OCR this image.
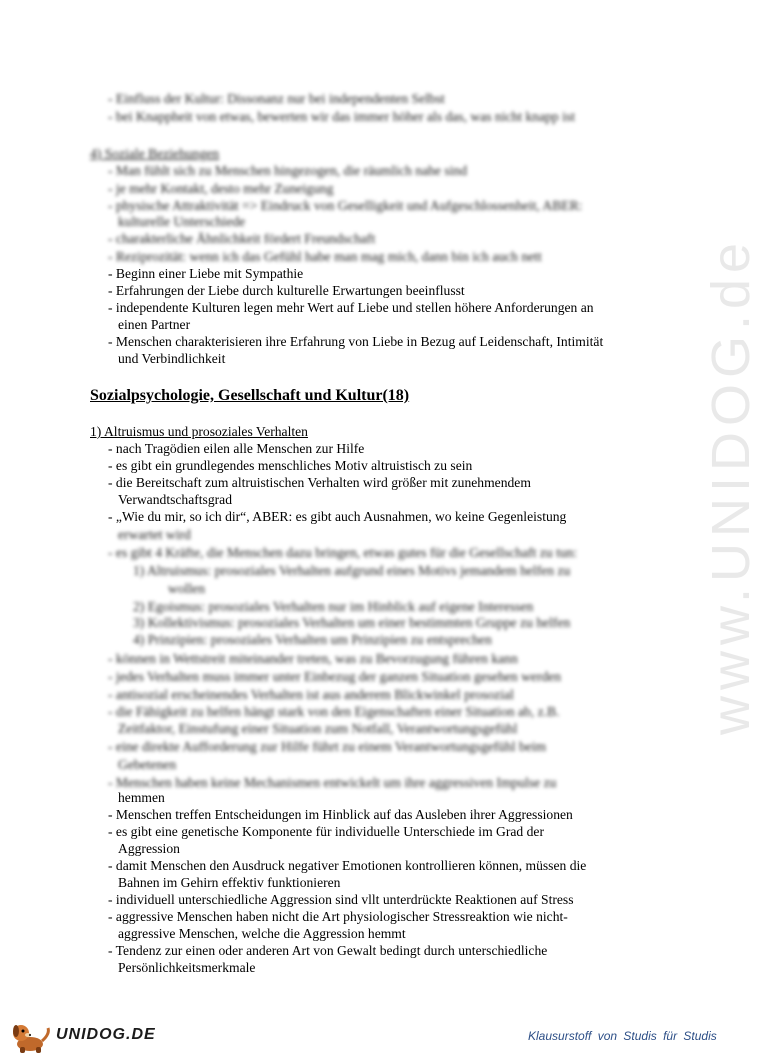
www.UNIDOG.de
- Einfluss der Kultur: Dissonanz nur bei independenten Selbst
- bei Knappheit von etwas, bewerten wir das immer höher als das, was nicht knapp ist
4) Soziale Beziehungen
- Man fühlt sich zu Menschen hingezogen, die räumlich nahe sind
- je mehr Kontakt, desto mehr Zuneigung
- physische Attraktivität => Eindruck von Geselligkeit und Aufgeschlossenheit, ABER:
kulturelle Unterschiede
- charakterliche Ähnlichkeit fördert Freundschaft
- Reziprozität: wenn ich das Gefühl habe man mag mich, dann bin ich auch nett
- Beginn einer Liebe mit Sympathie
- Erfahrungen der Liebe durch kulturelle Erwartungen beeinflusst
- independente Kulturen legen mehr Wert auf Liebe und stellen höhere Anforderungen an
einen Partner
- Menschen charakterisieren ihre Erfahrung von Liebe in Bezug auf Leidenschaft, Intimität
und Verbindlichkeit
Sozialpsychologie, Gesellschaft und Kultur(18)
1) Altruismus und prosoziales Verhalten
- nach Tragödien eilen alle Menschen zur Hilfe
- es gibt ein grundlegendes menschliches Motiv altruistisch zu sein
- die Bereitschaft zum altruistischen Verhalten wird größer mit zunehmendem
Verwandtschaftsgrad
- „Wie du mir, so ich dir“, ABER: es gibt auch Ausnahmen, wo keine Gegenleistung
erwartet wird
- es gibt 4 Kräfte, die Menschen dazu bringen, etwas gutes für die Gesellschaft zu tun:
1) Altruismus: prosoziales Verhalten aufgrund eines Motivs jemandem helfen zu
wollen
2) Egoismus: prosoziales Verhalten nur im Hinblick auf eigene Interessen
3) Kollektivismus: prosoziales Verhalten um einer bestimmten Gruppe zu helfen
4) Prinzipien: prosoziales Verhalten um Prinzipien zu entsprechen
- können in Wettstreit miteinander treten, was zu Bevorzugung führen kann
- jedes Verhalten muss immer unter Einbezug der ganzen Situation gesehen werden
- antisozial erscheinendes Verhalten ist aus anderem Blickwinkel prosozial
- die Fähigkeit zu helfen hängt stark von den Eigenschaften einer Situation ab, z.B.
Zeitfaktor, Einstufung einer Situation zum Notfall, Verantwortungsgefühl
- eine direkte Aufforderung zur Hilfe führt zu einem Verantwortungsgefühl beim
Gebetenen
- Menschen haben keine Mechanismen entwickelt um ihre aggressiven Impulse zu
hemmen
- Menschen treffen Entscheidungen im Hinblick auf das Ausleben ihrer Aggressionen
- es gibt eine genetische Komponente für individuelle Unterschiede im Grad der
Aggression
- damit Menschen den Ausdruck negativer Emotionen kontrollieren können, müssen die
Bahnen im Gehirn effektiv funktionieren
- individuell unterschiedliche Aggression sind vllt unterdrückte Reaktionen auf Stress
- aggressive Menschen haben nicht die Art physiologischer Stressreaktion wie nicht-
aggressive Menschen, welche die Aggression hemmt
- Tendenz zur einen oder anderen Art von Gewalt bedingt durch unterschiedliche
Persönlichkeitsmerkmale
UNIDOG.DE	Klausurstoff von Studis für Studis
